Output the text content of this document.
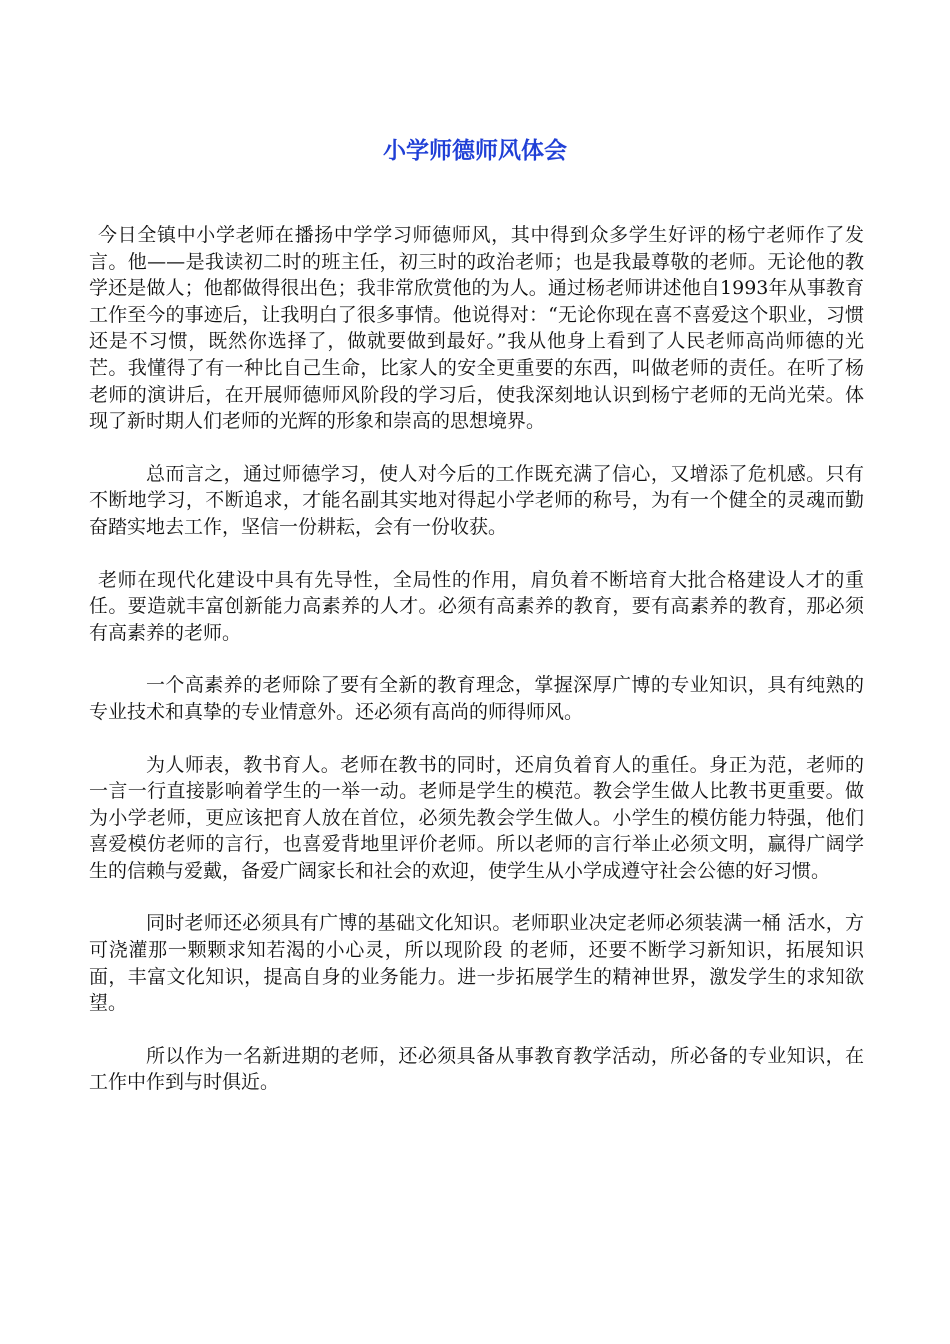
小学师德师风体会

今日全镇中小学老师在播扬中学学习师德师风，其中得到众多学生好评的杨宁老师作了发言。他——是我读初二时的班主任，初三时的政治老师；也是我最尊敬的老师。无论他的教学还是做人；他都做得很出色；我非常欣赏他的为人。通过杨老师讲述他自1993年从事教育工作至今的事迹后，让我明白了很多事情。他说得对：“无论你现在喜不喜爱这个职业，习惯还是不习惯，既然你选择了，做就要做到最好。”我从他身上看到了人民老师高尚师德的光芒。我懂得了有一种比自己生命，比家人的安全更重要的东西，叫做老师的责任。在听了杨老师的演讲后，在开展师德师风阶段的学习后，使我深刻地认识到杨宁老师的无尚光荣。体现了新时期人们老师的光辉的形象和崇高的思想境界。

总而言之，通过师德学习，使人对今后的工作既充满了信心，又增添了危机感。只有不断地学习，不断追求，才能名副其实地对得起小学老师的称号，为有一个健全的灵魂而勤奋踏实地去工作，坚信一份耕耘，会有一份收获。

老师在现代化建设中具有先导性，全局性的作用，肩负着不断培育大批合格建设人才的重任。要造就丰富创新能力高素养的人才。必须有高素养的教育，要有高素养的教育，那必须有高素养的老师。

一个高素养的老师除了要有全新的教育理念，掌握深厚广博的专业知识，具有纯熟的专业技术和真挚的专业情意外。还必须有高尚的师得师风。

为人师表，教书育人。老师在教书的同时，还肩负着育人的重任。身正为范，老师的一言一行直接影响着学生的一举一动。老师是学生的模范。教会学生做人比教书更重要。做为小学老师，更应该把育人放在首位，必须先教会学生做人。小学生的模仿能力特强，他们喜爱模仿老师的言行，也喜爱背地里评价老师。所以老师的言行举止必须文明，赢得广阔学生的信赖与爱戴，备爱广阔家长和社会的欢迎，使学生从小学成遵守社会公德的好习惯。

同时老师还必须具有广博的基础文化知识。老师职业决定老师必须装满一桶 活水，方可浇灌那一颗颗求知若渴的小心灵，所以现阶段 的老师，还要不断学习新知识，拓展知识面，丰富文化知识，提高自身的业务能力。进一步拓展学生的精神世界，激发学生的求知欲望。

所以作为一名新进期的老师，还必须具备从事教育教学活动，所必备的专业知识，在工作中作到与时俱近。
